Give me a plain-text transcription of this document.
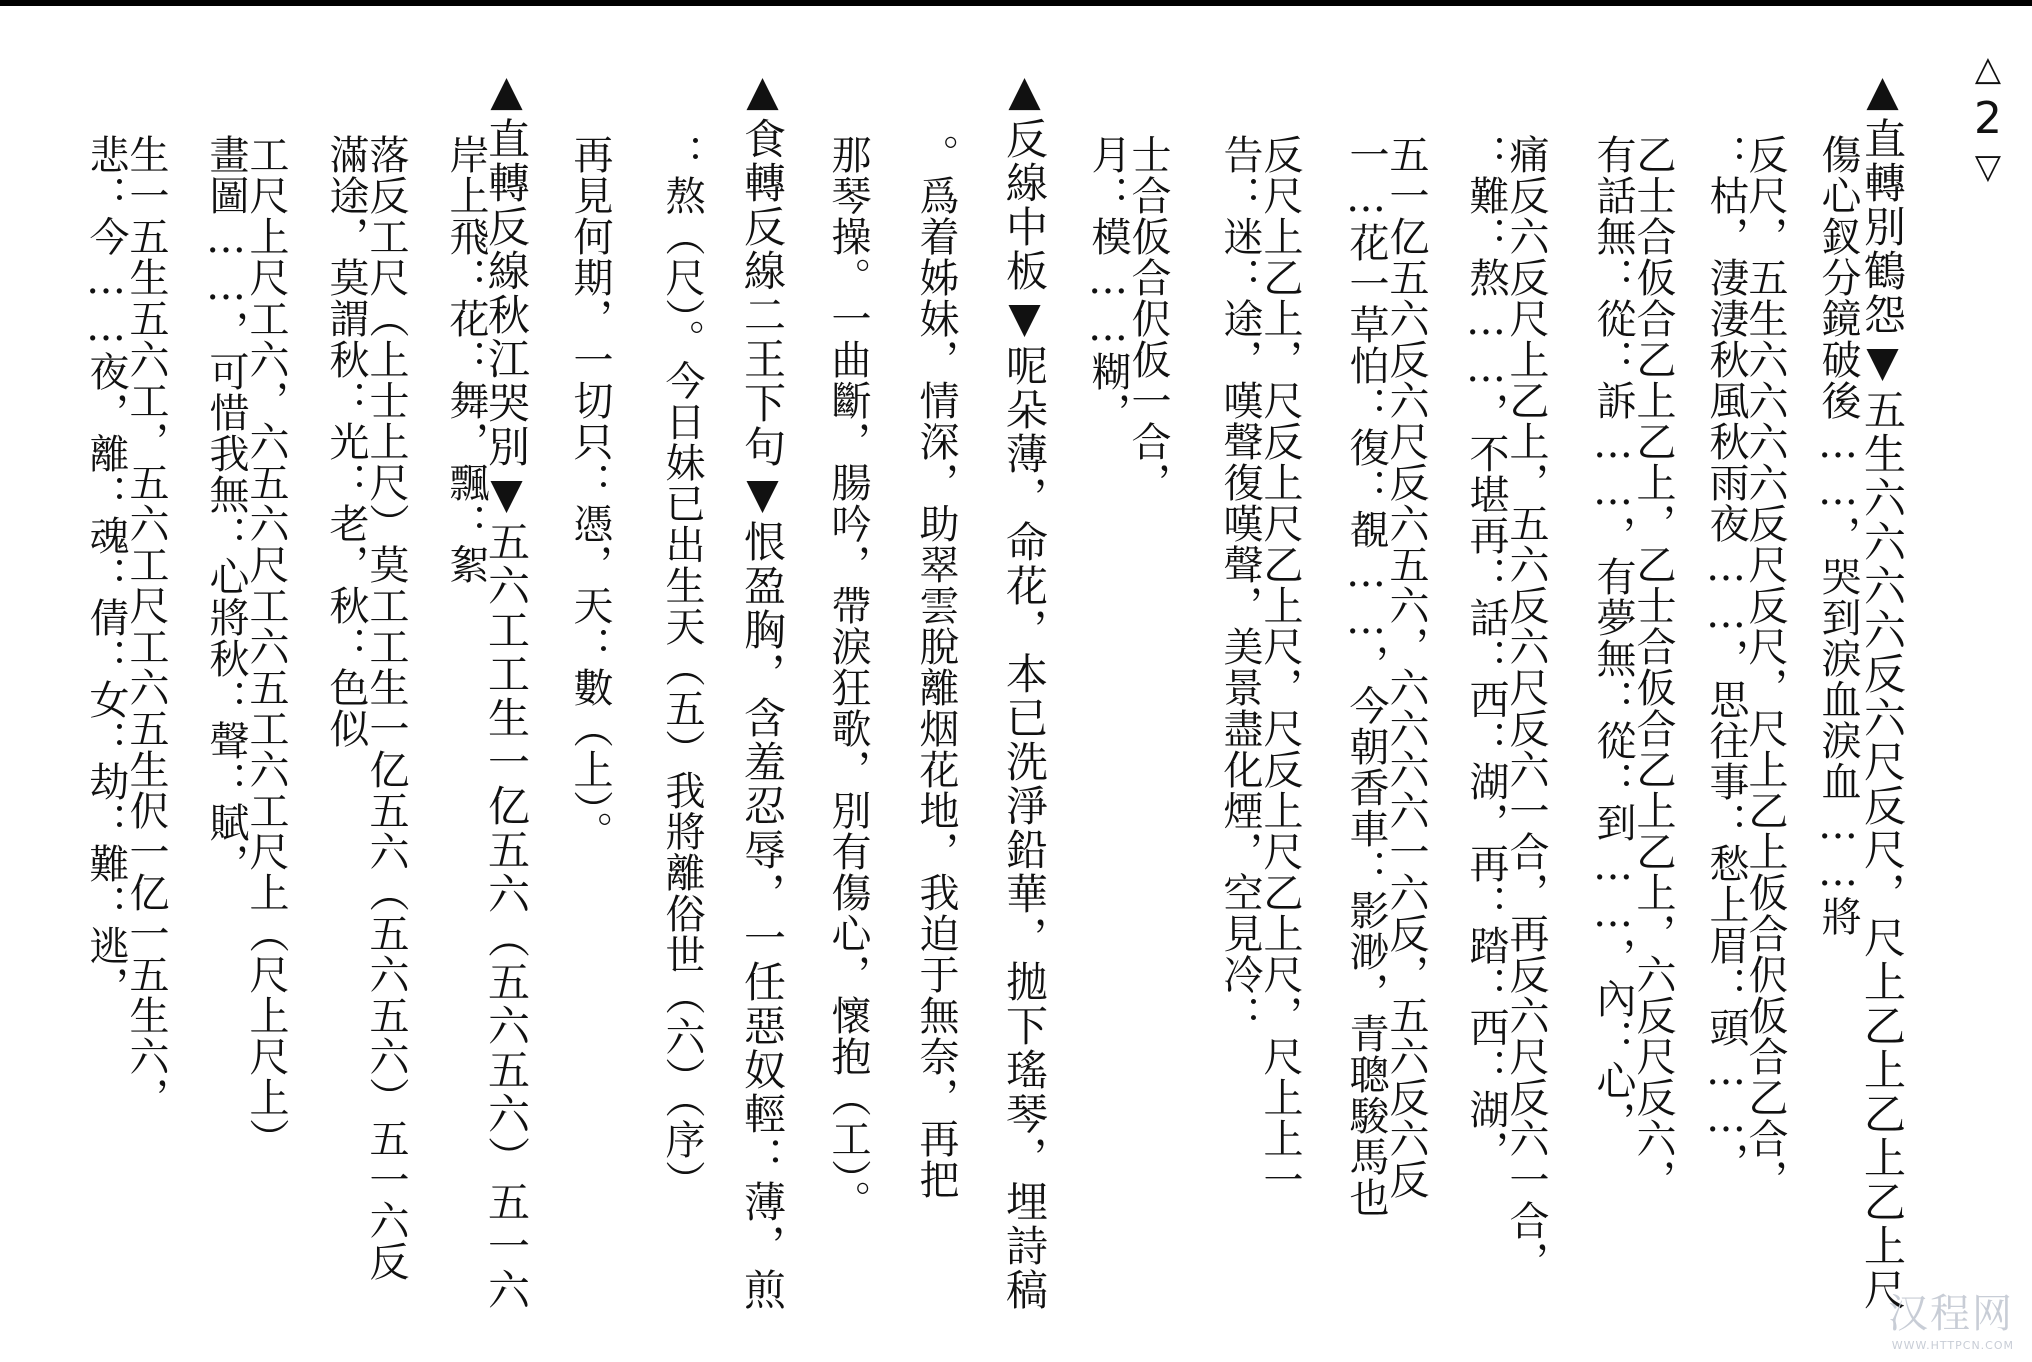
△
2
▽
▲直轉別鶴怨▼五生六六六六反六尺反尺，尺上乙上乙上乙上尺
傷心釵分鏡破後……，哭到淚血淚血……將
反尺，五生六六六六反尺反尺，尺上乙上仮合伬仮合乙合，
：枯，淒淒秋風秋雨夜……，思往事：愁上眉：頭……，
乙士合仮合乙上乙上，乙士合仮合乙上乙上，六反尺反六，
有話無：從：訴……，有夢無：從：到……，內：心，
痛反六反尺上乙上，五六反六尺反六一合，再反六尺反六一合，
：難：熬……，不堪再：話：西：湖，再：踏：西：湖，
五一亿五六反六尺反六五六，六六六六一六反，五六反六反
一…花一草怕：復：覩……，今朝香車：影渺，青聰駿馬也
反尺上乙上，尺反上尺乙上尺，尺反上尺乙上尺，尺上上一
告：迷：途，嘆聲復嘆聲，美景盡化煙，空見冷：
士合仮合伬仮一合，
月：模……糊，
▲反線中板▼呢朵薄，命花，本已洗淨鉛華，拋下瑤琴，埋詩稿
。爲着姊妹，情深，助翠雲脫離烟花地，我迫于無奈，再把
那琴操。一曲斷，腸吟，帶淚狂歌，別有傷心，懷抱（工）。
▲食轉反線二王下句▼恨盈胸，含羞忍辱，一任惡奴輕：薄，煎
：熬（尺）。今日妹已出生天（五）我將離俗世（六）（序）
再見何期，一切只：憑，天：數（上）。
▲直轉反線秋江哭別▼五六工工生一亿五六（五六五六）五一六
岸上飛：花：舞，飄：絮
落反工尺（上士上尺）莫工工生一亿五六（五六五六）五一六反
滿途，莫謂秋：光：老，秋：色似
工尺上尺工六，六五六尺工六五工六工尺上（尺上尺上）
畫圖……，可惜我無：心將秋：聲：賦，
生一五生五六工，五六工尺工六五生伬一亿一五生六，
悲：今……夜，離：魂：倩：女：劫：難：逃，
汉程网
WWW.HTTPCN.COM
